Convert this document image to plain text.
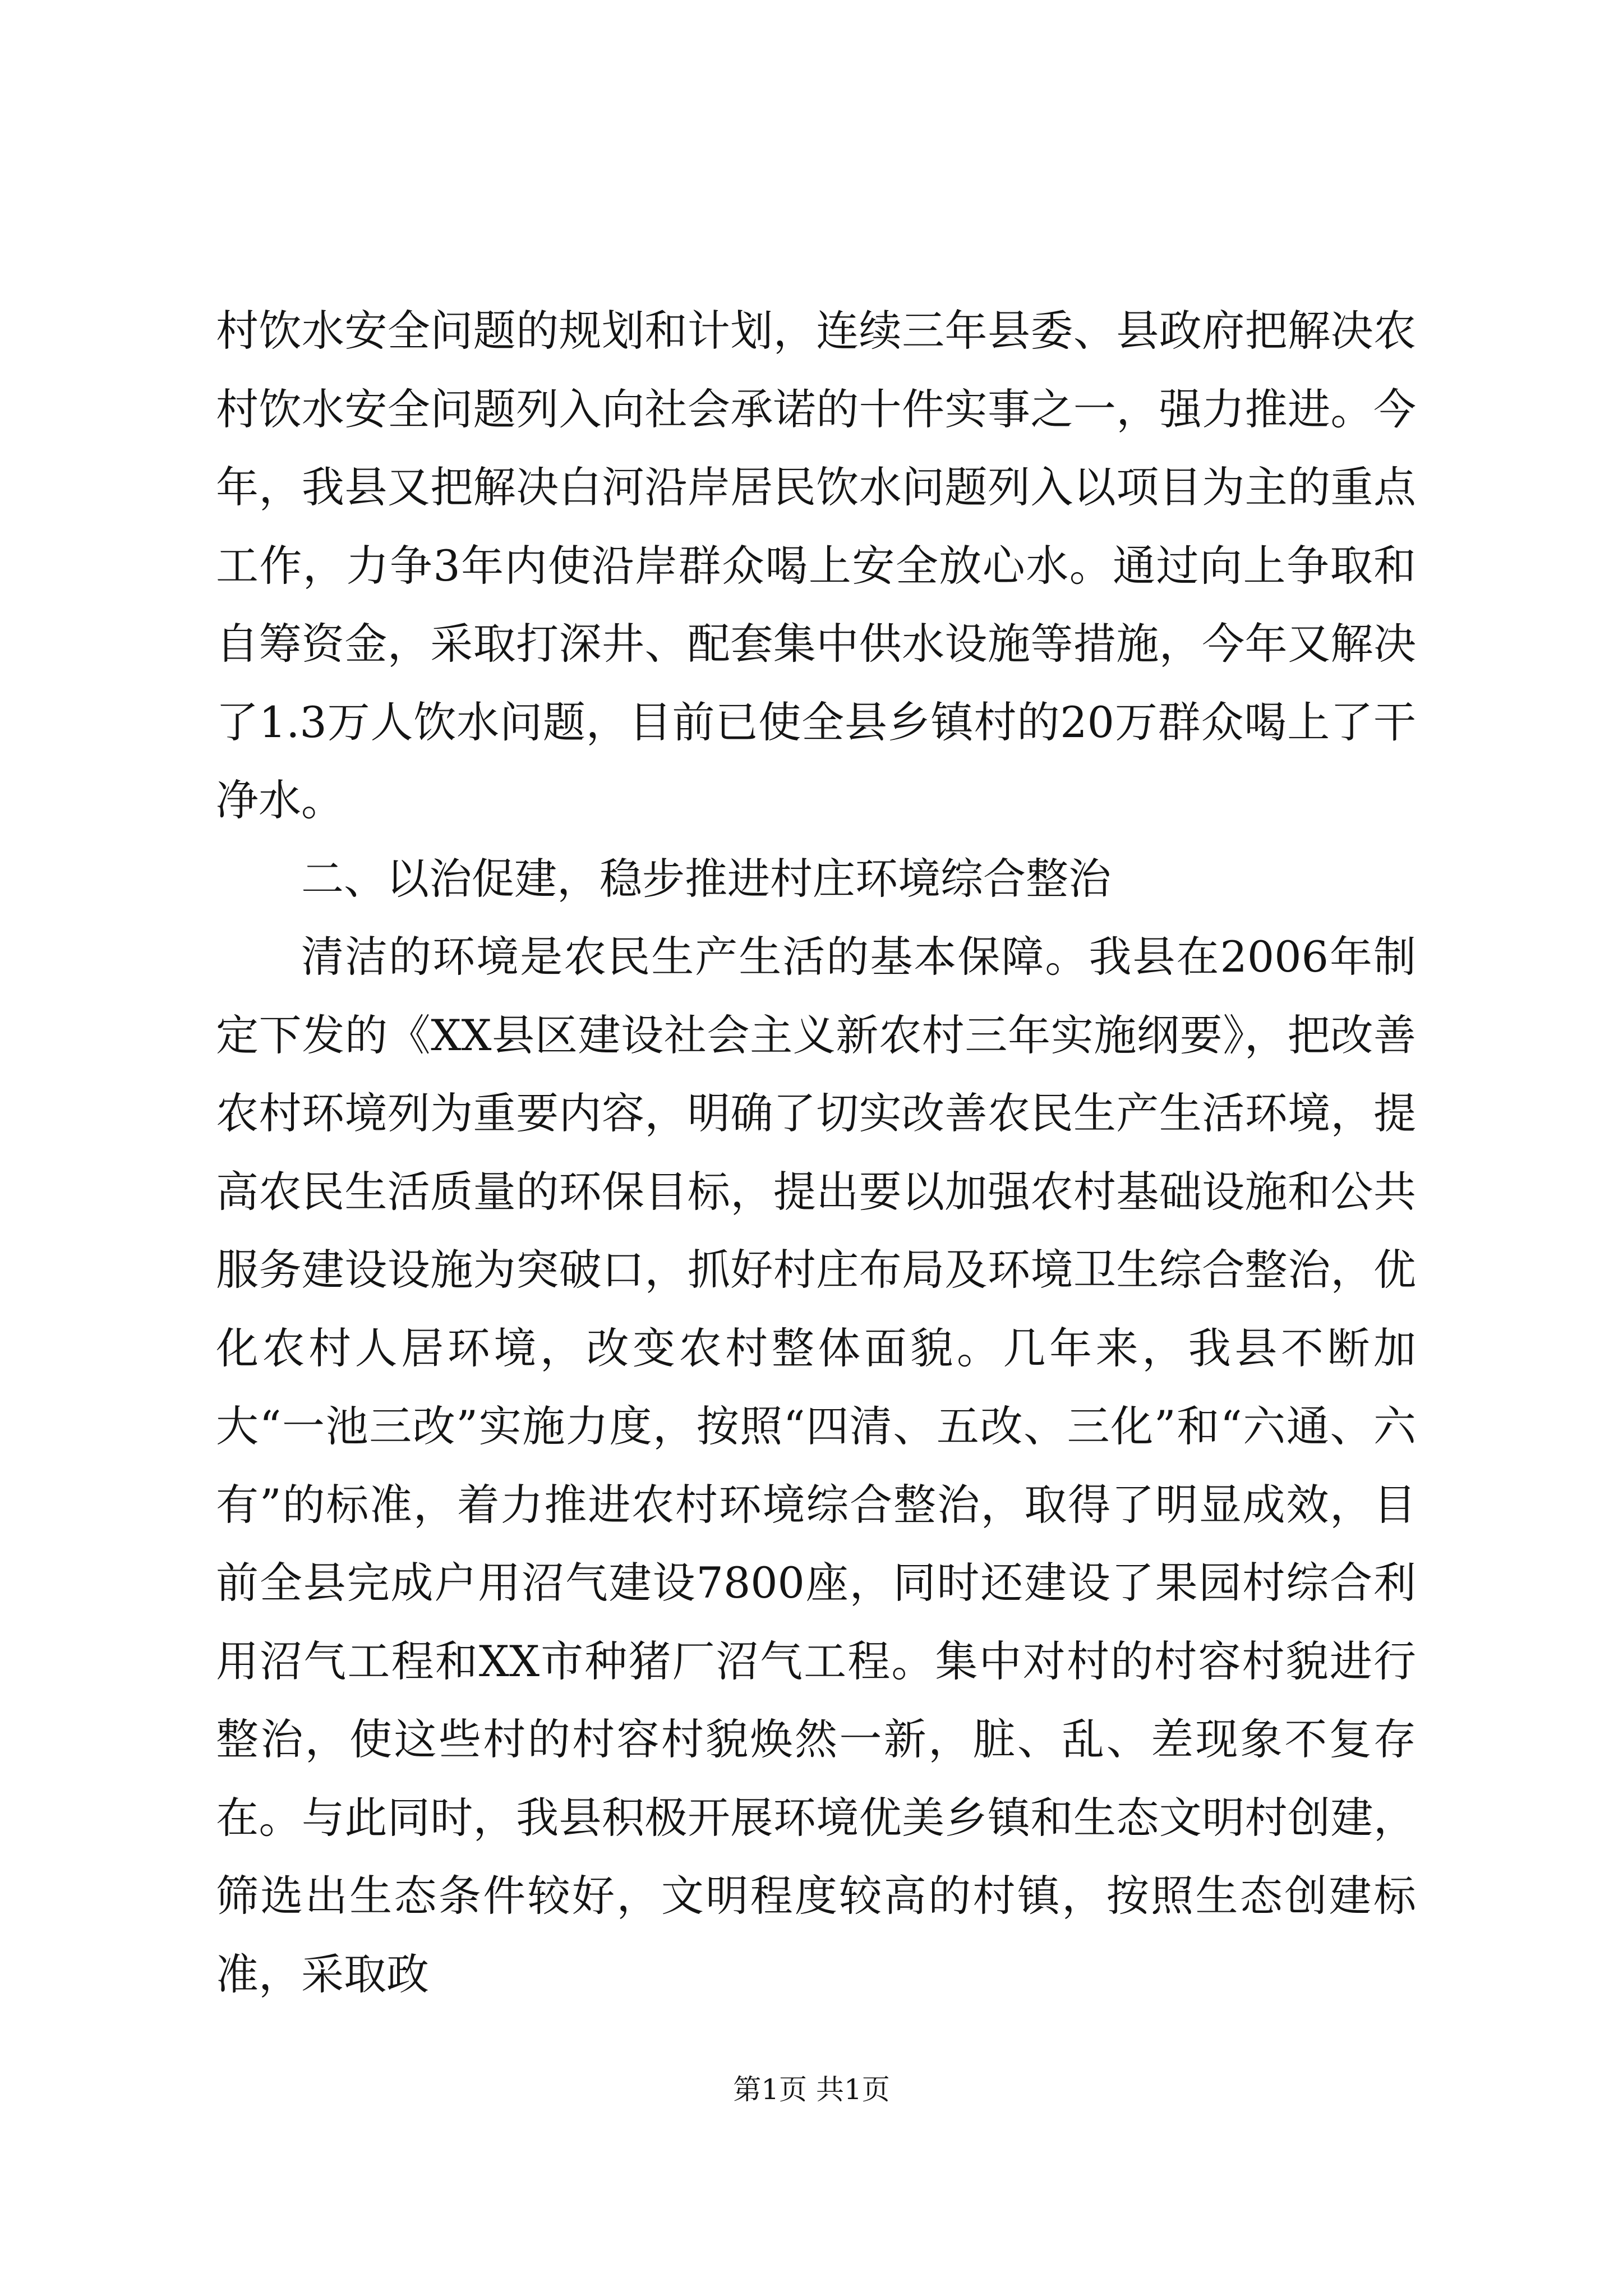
村饮水安全问题的规划和计划，连续三年县委、县政府把解决农村饮水安全问题列入向社会承诺的十件实事之一，强力推进。今年，我县又把解决白河沿岸居民饮水问题列入以项目为主的重点工作，力争3年内使沿岸群众喝上安全放心水。通过向上争取和自筹资金，采取打深井、配套集中供水设施等措施，今年又解决了1.3万人饮水问题，目前已使全县乡镇村的20万群众喝上了干净水。

二、以治促建，稳步推进村庄环境综合整治

清洁的环境是农民生产生活的基本保障。我县在2006年制定下发的《XX县区建设社会主义新农村三年实施纲要》，把改善农村环境列为重要内容，明确了切实改善农民生产生活环境，提高农民生活质量的环保目标，提出要以加强农村基础设施和公共服务建设设施为突破口，抓好村庄布局及环境卫生综合整治，优化农村人居环境，改变农村整体面貌。几年来，我县不断加大“一池三改”实施力度，按照“四清、五改、三化”和“六通、六有”的标准，着力推进农村环境综合整治，取得了明显成效，目前全县完成户用沼气建设7800座，同时还建设了果园村综合利用沼气工程和XX市种猪厂沼气工程。集中对村的村容村貌进行整治，使这些村的村容村貌焕然一新，脏、乱、差现象不复存在。与此同时，我县积极开展环境优美乡镇和生态文明村创建，筛选出生态条件较好，文明程度较高的村镇，按照生态创建标准，采取政

第1页 共1页
